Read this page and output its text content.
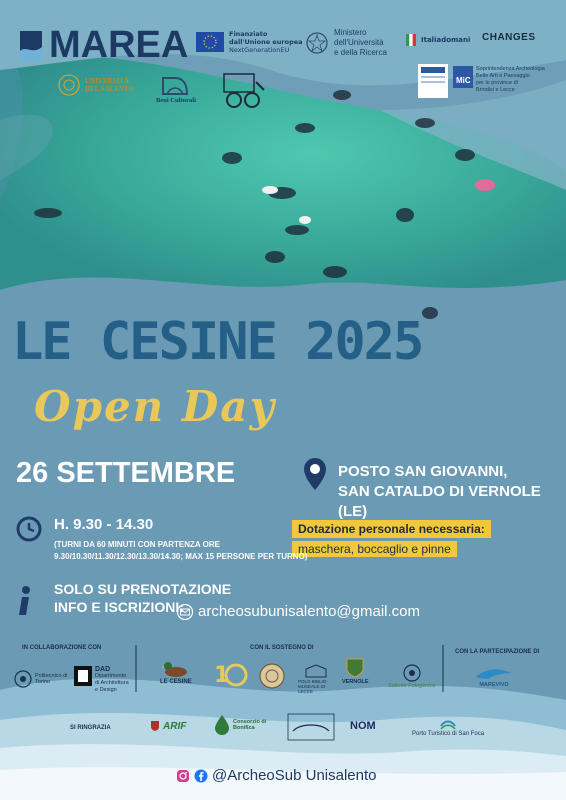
MAREA	Finanziato
dall'Unione europea
NextGenerationEU
Ministero
dell'Università
e della Ricerca
Italiadomani CHANGES
UNIVERSITÀ
DEL SALENTO
Beni Culturali
MiC
Soprintendenza Archeologia
Belle Arti e Paesaggio
per le province di
Brindisi e Lecce
LE CESINE 2025
Open Day
26 SETTEMBRE	POSTO SAN GIOVANNI,
SAN CATALDO DI VERNOLE (LE)
Dotazione personale necessaria:
maschera, boccaglio e pinne
H. 9.30 - 14.30
(TURNI DA 60 MINUTI CON PARTENZA ORE
9.30/10.30/11.30/12.30/13.30/14.30; MAX 15 PERSONE PER TURNO)
SOLO SU PRENOTAZIONE
INFO E ISCRIZIONI: archeosubunisalento@gmail.com
IN COLLABORAZIONE CON	CON IL SOSTEGNO DI
CON LA PARTECIPAZIONE DI
Politecnico di Torino
DAD
Dipartimento
di Architettura
e Design
LE CESINE 1	POLO BIBLIO-MUSEALE DI LECCE
VERNOLE
Salento Fotogenico	MAREVIVO
SI RINGRAZIA	ARIF	Consorzio di Bonifica	NOM
Porto Turistico di San Foca
@ArcheoSub Unisalento
